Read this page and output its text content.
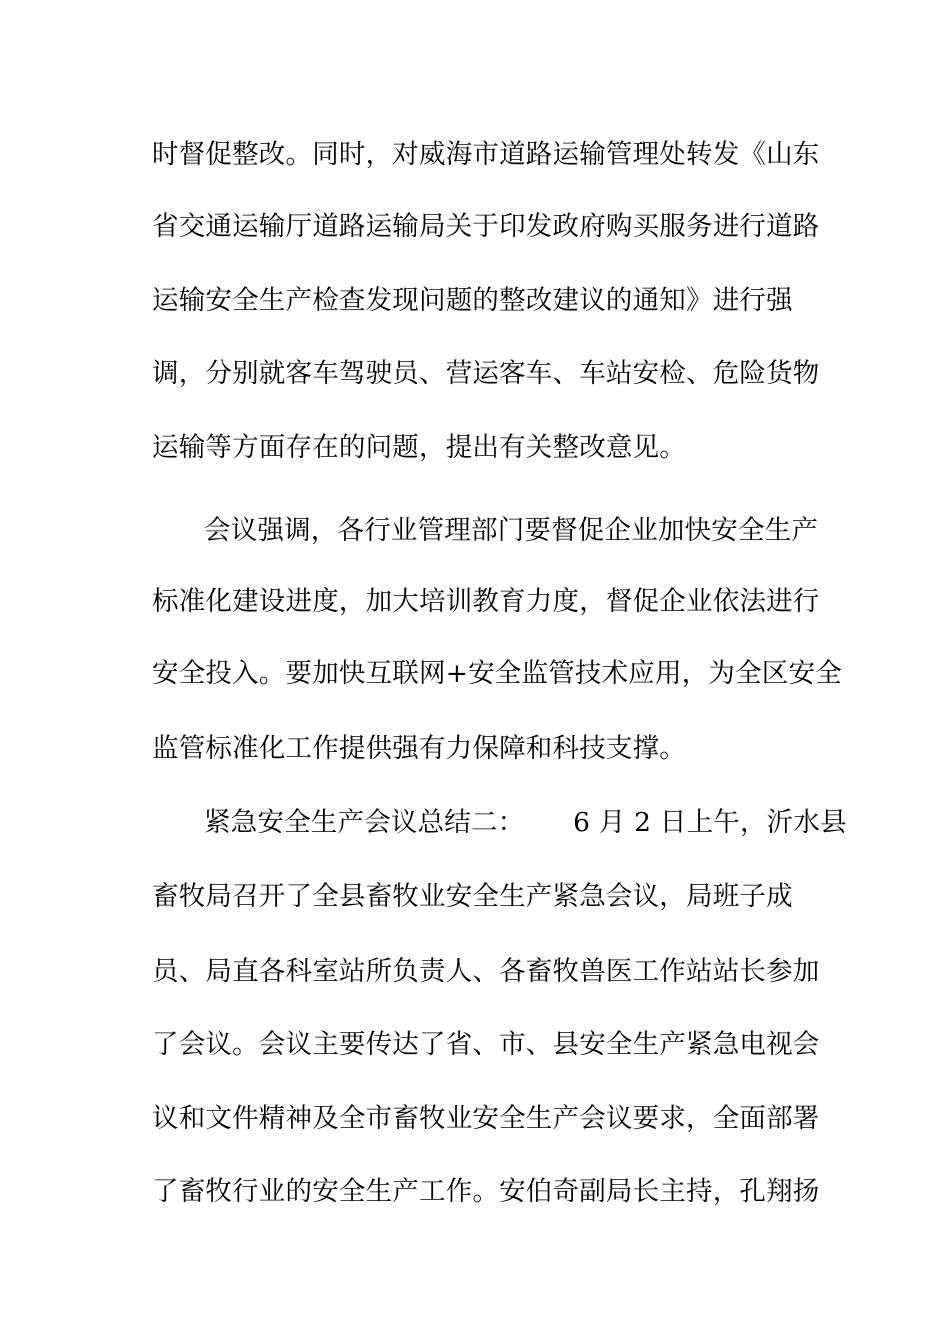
时督促整改。同时，对威海市道路运输管理处转发《山东
省交通运输厅道路运输局关于印发政府购买服务进行道路
运输安全生产检查发现问题的整改建议的通知》进行强
调，分别就客车驾驶员、营运客车、车站安检、危险货物
运输等方面存在的问题，提出有关整改意见。
会议强调，各行业管理部门要督促企业加快安全生产
标准化建设进度，加大培训教育力度，督促企业依法进行
安全投入。要加快互联网+安全监管技术应用，为全区安全
监管标准化工作提供强有力保障和科技支撑。
紧急安全生产会议总结二：　　 6 月 2 日上午，沂水县
畜牧局召开了全县畜牧业安全生产紧急会议，局班子成
员、局直各科室站所负责人、各畜牧兽医工作站站长参加
了会议。会议主要传达了省、市、县安全生产紧急电视会
议和文件精神及全市畜牧业安全生产会议要求，全面部署
了畜牧行业的安全生产工作。安伯奇副局长主持，孔翔扬
